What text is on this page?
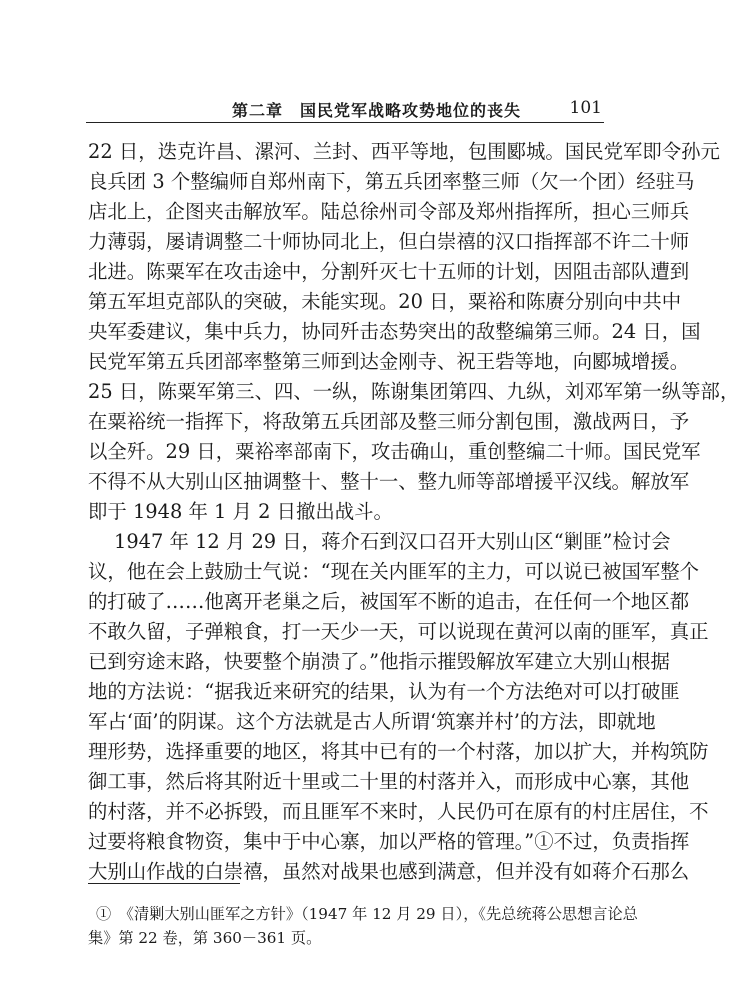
第二章　国民党军战略攻势地位的丧失	101
22 日，迭克许昌、漯河、兰封、西平等地，包围郾城。国民党军即令孙元
良兵团 3 个整编师自郑州南下，第五兵团率整三师（欠一个团）经驻马
店北上，企图夹击解放军。陆总徐州司令部及郑州指挥所，担心三师兵
力薄弱，屡请调整二十师协同北上，但白崇禧的汉口指挥部不许二十师
北进。陈粟军在攻击途中，分割歼灭七十五师的计划，因阻击部队遭到
第五军坦克部队的突破，未能实现。20 日，粟裕和陈赓分别向中共中
央军委建议，集中兵力，协同歼击态势突出的敌整编第三师。24 日，国
民党军第五兵团部率整第三师到达金刚寺、祝王砦等地，向郾城增援。
25 日，陈粟军第三、四、一纵，陈谢集团第四、九纵，刘邓军第一纵等部，
在粟裕统一指挥下，将敌第五兵团部及整三师分割包围，激战两日，予
以全歼。29 日，粟裕率部南下，攻击确山，重创整编二十师。国民党军
不得不从大别山区抽调整十、整十一、整九师等部增援平汉线。解放军
即于 1948 年 1 月 2 日撤出战斗。
1947 年 12 月 29 日，蒋介石到汉口召开大别山区“剿匪”检讨会
议，他在会上鼓励士气说：“现在关内匪军的主力，可以说已被国军整个
的打破了……他离开老巢之后，被国军不断的追击，在任何一个地区都
不敢久留，子弹粮食，打一天少一天，可以说现在黄河以南的匪军，真正
已到穷途末路，快要整个崩溃了。”他指示摧毁解放军建立大别山根据
地的方法说：“据我近来研究的结果，认为有一个方法绝对可以打破匪
军占‘面’的阴谋。这个方法就是古人所谓‘筑寨并村’的方法，即就地
理形势，选择重要的地区，将其中已有的一个村落，加以扩大，并构筑防
御工事，然后将其附近十里或二十里的村落并入，而形成中心寨，其他
的村落，并不必拆毁，而且匪军不来时，人民仍可在原有的村庄居住，不
过要将粮食物资，集中于中心寨，加以严格的管理。”①不过，负责指挥
大别山作战的白崇禧，虽然对战果也感到满意，但并没有如蒋介石那么
①　《清剿大别山匪军之方针》（1947 年 12 月 29 日），《先总统蒋公思想言论总
集》第 22 卷，第 360－361 页。
